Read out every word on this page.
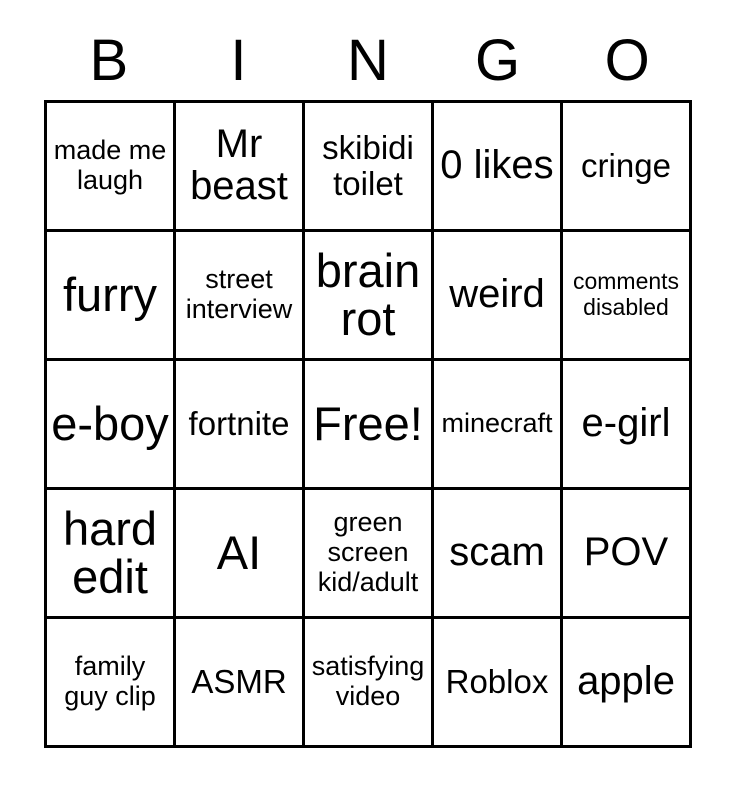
B	I	N	G	O
made me laugh
Mr beast
skibidi toilet 0 likes cringe
furry	street interview
brain rot	weird	comments disabled
e-boy fortnite Free! minecraft e-girl
hard edit	AI
green screen kid/adult
scam POV
family guy clip	ASMR satisfying video	Roblox apple
